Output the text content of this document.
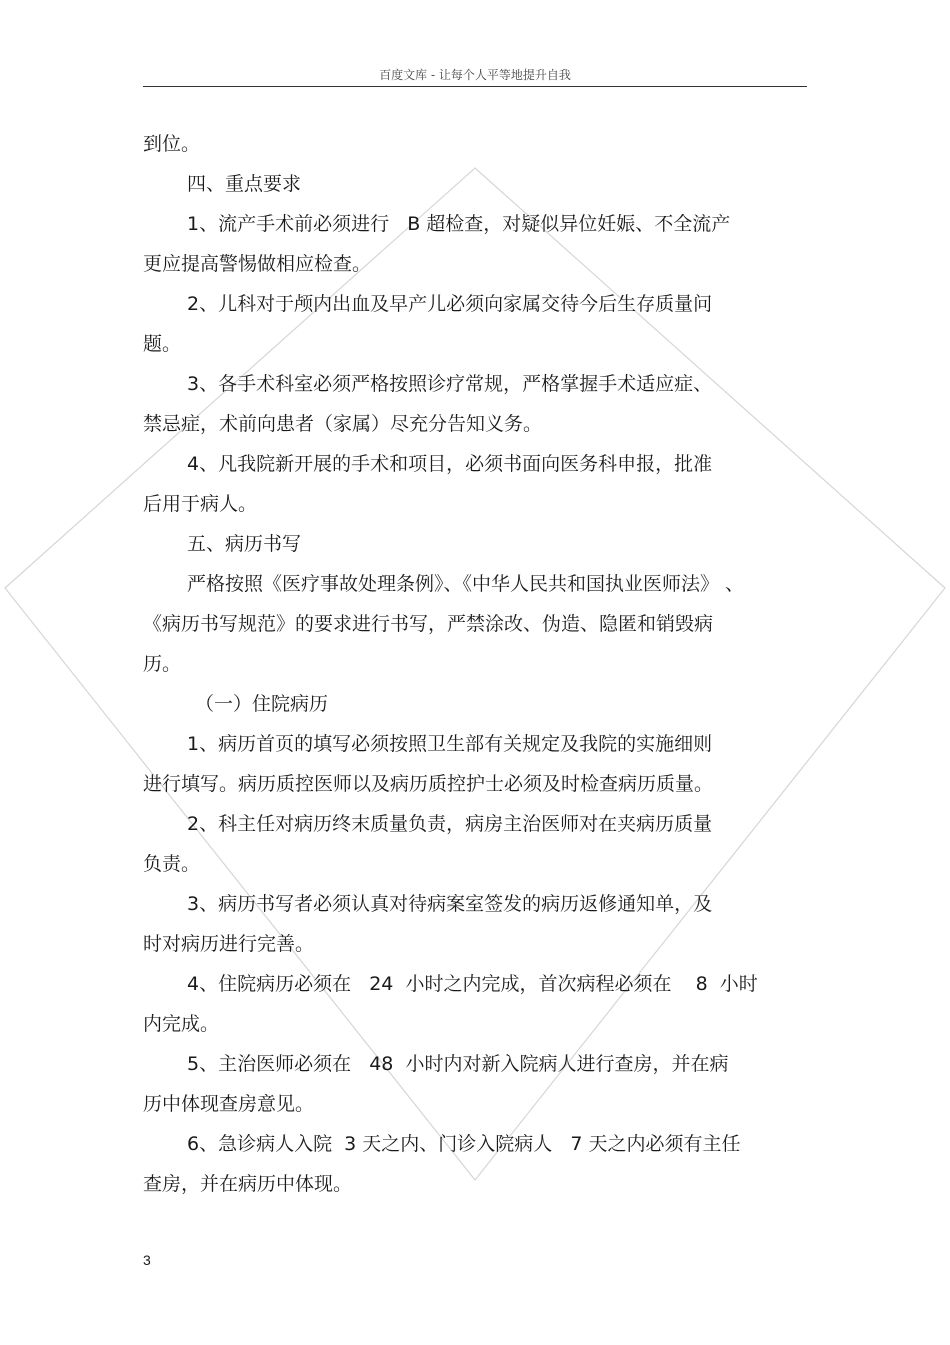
百度文库 - 让每个人平等地提升自我
到位。
四、重点要求
1、流产手术前必须进行   B 超检查，对疑似异位妊娠、不全流产
更应提高警惕做相应检查。
2、儿科对于颅内出血及早产儿必须向家属交待今后生存质量问
题。
3、各手术科室必须严格按照诊疗常规，严格掌握手术适应症、
禁忌症，术前向患者（家属）尽充分告知义务。
4、凡我院新开展的手术和项目，必须书面向医务科申报，批准
后用于病人。
五、病历书写
严格按照《医疗事故处理条例》、《中华人民共和国执业医师法》 、
《病历书写规范》的要求进行书写，严禁涂改、伪造、隐匿和销毁病
历。
（一）住院病历
1、病历首页的填写必须按照卫生部有关规定及我院的实施细则
进行填写。病历质控医师以及病历质控护士必须及时检查病历质量。
2、科主任对病历终末质量负责，病房主治医师对在夹病历质量
负责。
3、病历书写者必须认真对待病案室签发的病历返修通知单，及
时对病历进行完善。
4、住院病历必须在   24  小时之内完成，首次病程必须在    8  小时
内完成。
5、主治医师必须在   48  小时内对新入院病人进行查房，并在病
历中体现查房意见。
6、急诊病人入院  3 天之内、门诊入院病人   7 天之内必须有主任
查房，并在病历中体现。
3
